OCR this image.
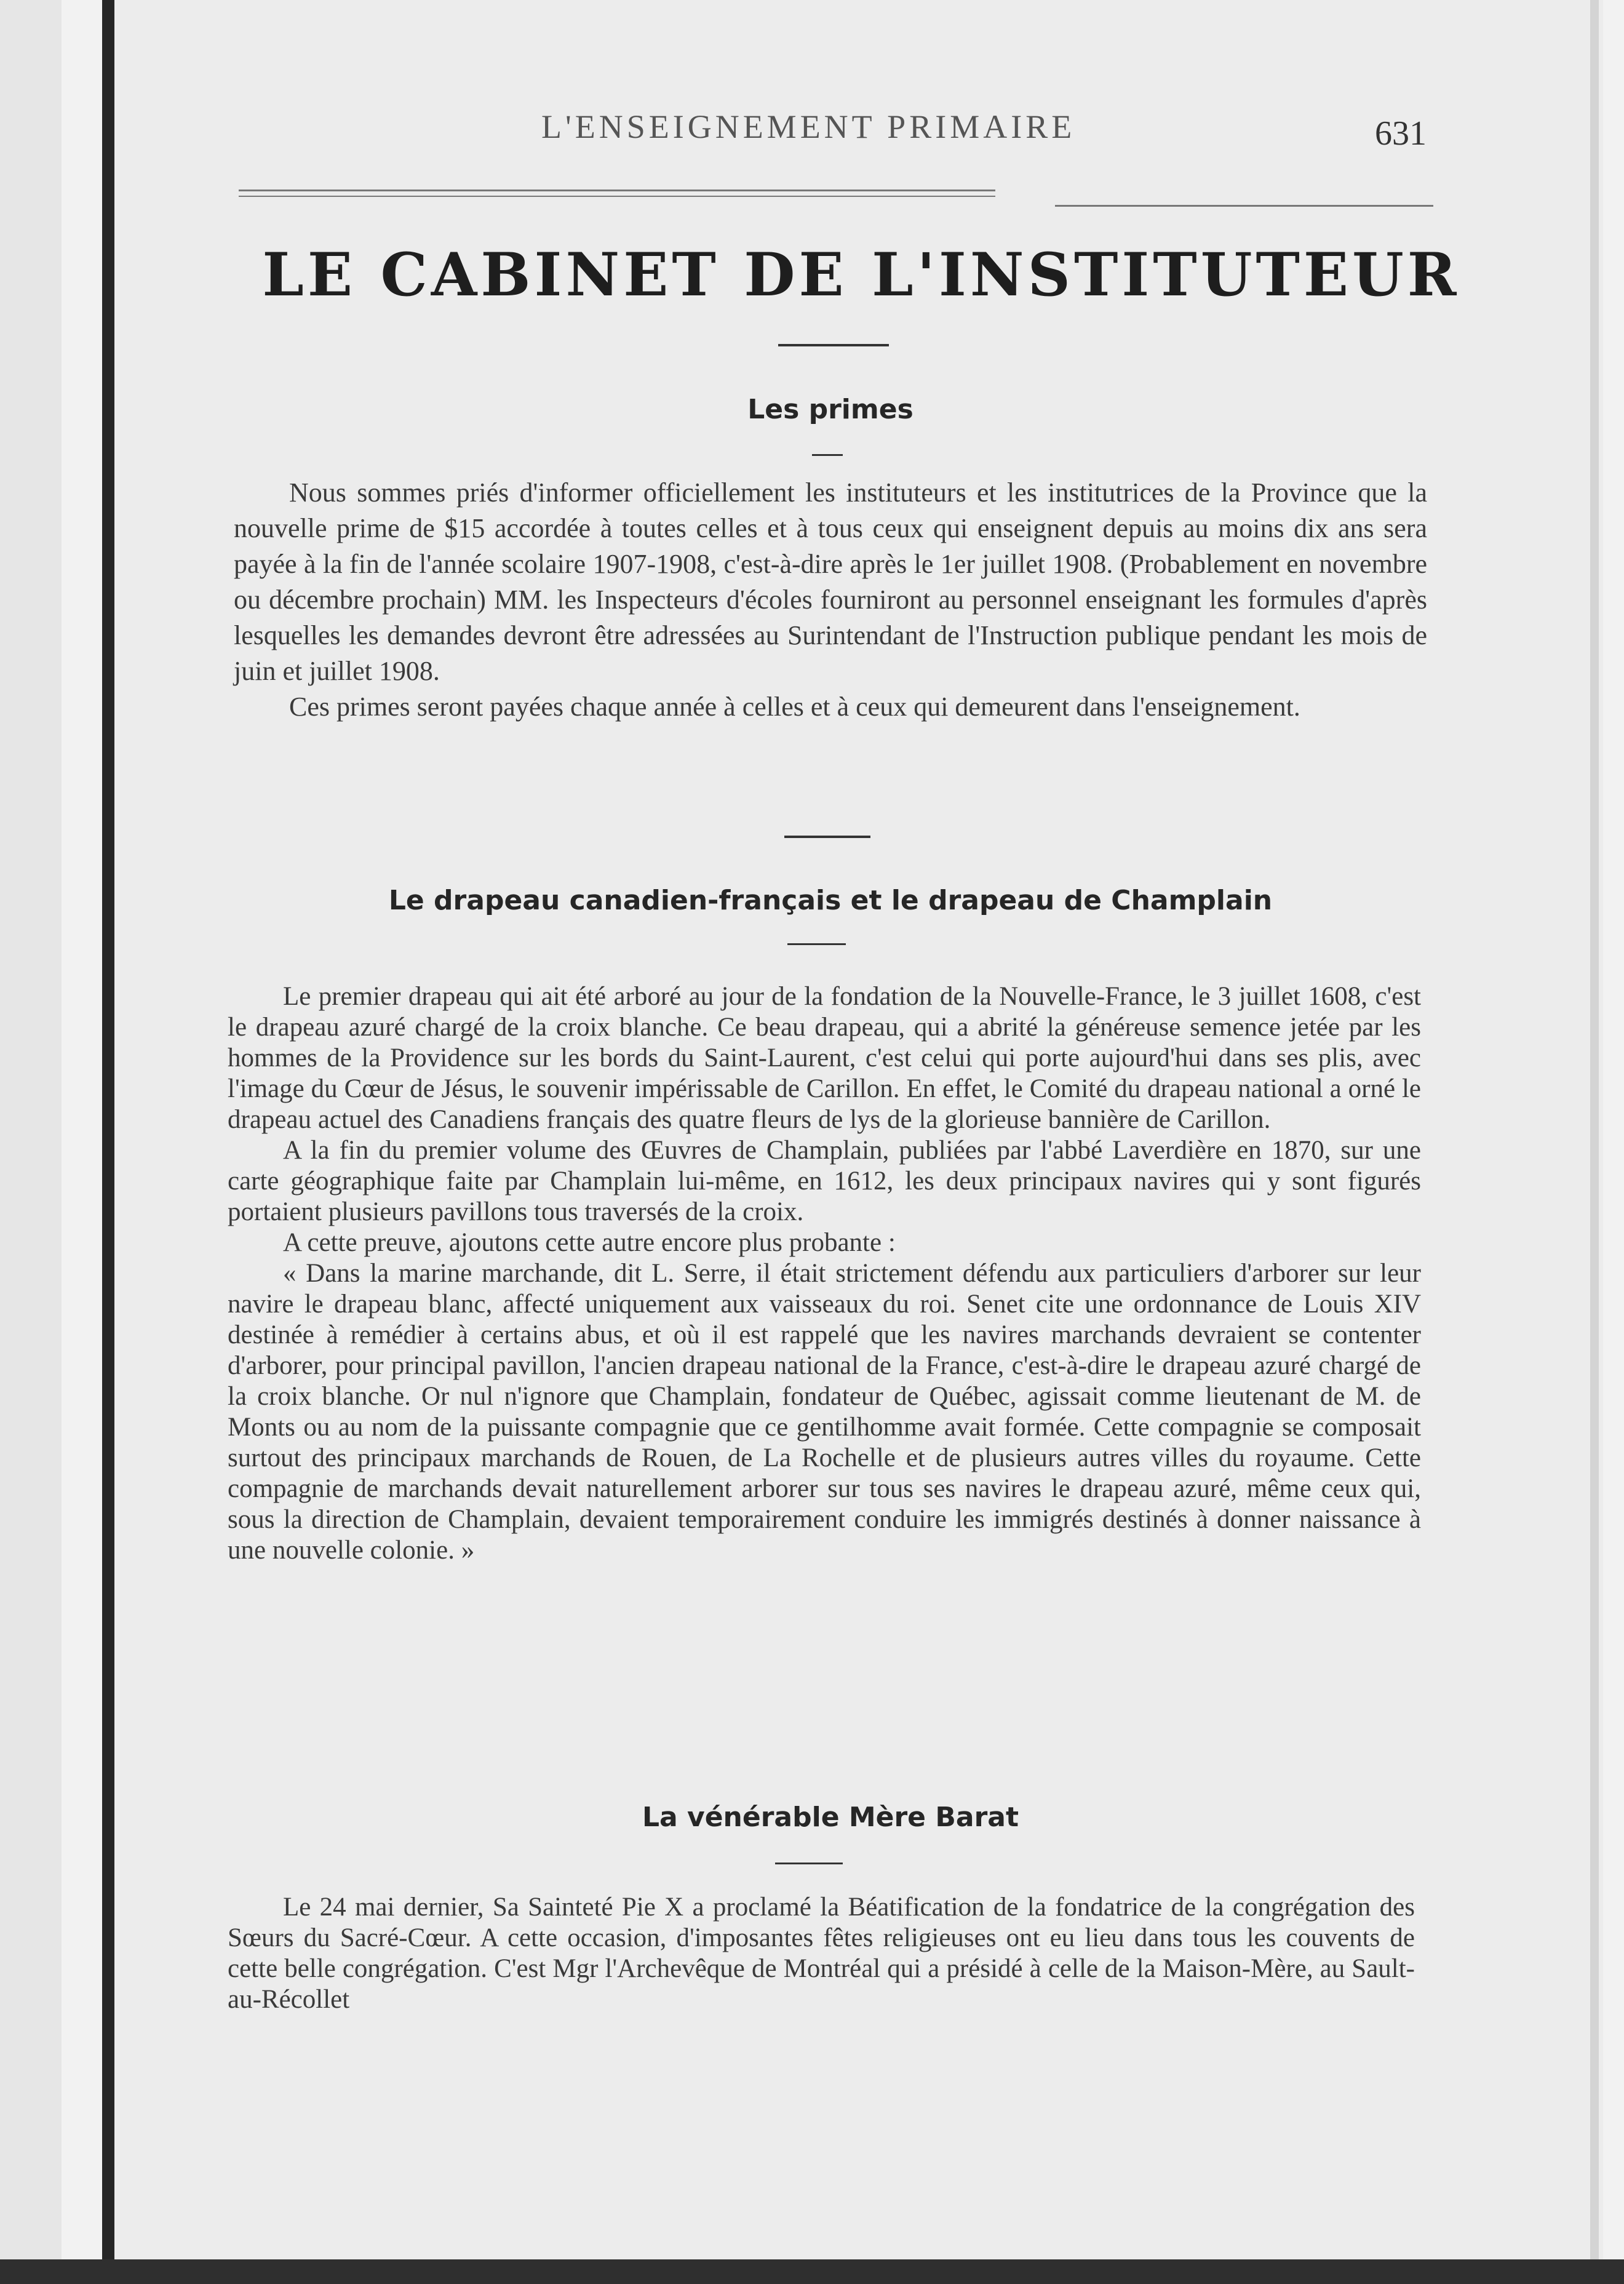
L'ENSEIGNEMENT PRIMAIRE	631
LE CABINET DE L'INSTITUTEUR
Les primes

Nous sommes priés d'informer officiellement les instituteurs et les institutrices de la Province que la nouvelle prime de $15 accordée à toutes celles et à tous ceux qui enseignent depuis au moins dix ans sera payée à la fin de l'année scolaire 1907-1908, c'est-à-dire après le 1er juillet 1908. (Probablement en novembre ou décembre prochain) MM. les Inspecteurs d'écoles fourniront au personnel enseignant les formules d'après lesquelles les demandes devront être adressées au Surintendant de l'Instruction publique pendant les mois de juin et juillet 1908.

Ces primes seront payées chaque année à celles et à ceux qui demeurent dans l'enseignement.

Le drapeau canadien-français et le drapeau de Champlain

Le premier drapeau qui ait été arboré au jour de la fondation de la Nouvelle-France, le 3 juillet 1608, c'est le drapeau azuré chargé de la croix blanche. Ce beau drapeau, qui a abrité la généreuse semence jetée par les hommes de la Providence sur les bords du Saint-Laurent, c'est celui qui porte aujourd'hui dans ses plis, avec l'image du Cœur de Jésus, le souvenir impérissable de Carillon. En effet, le Comité du drapeau national a orné le drapeau actuel des Canadiens français des quatre fleurs de lys de la glorieuse bannière de Carillon.

A la fin du premier volume des Œuvres de Champlain, publiées par l'abbé Laverdière en 1870, sur une carte géographique faite par Champlain lui-même, en 1612, les deux principaux navires qui y sont figurés portaient plusieurs pavillons tous traversés de la croix.

A cette preuve, ajoutons cette autre encore plus probante :

« Dans la marine marchande, dit L. Serre, il était strictement défendu aux particuliers d'arborer sur leur navire le drapeau blanc, affecté uniquement aux vaisseaux du roi. Senet cite une ordonnance de Louis XIV destinée à remédier à certains abus, et où il est rappelé que les navires marchands devraient se contenter d'arborer, pour principal pavillon, l'ancien drapeau national de la France, c'est-à-dire le drapeau azuré chargé de la croix blanche. Or nul n'ignore que Champlain, fondateur de Québec, agissait comme lieutenant de M. de Monts ou au nom de la puissante compagnie que ce gentilhomme avait formée. Cette compagnie se composait surtout des principaux marchands de Rouen, de La Rochelle et de plusieurs autres villes du royaume. Cette compagnie de marchands devait naturellement arborer sur tous ses navires le drapeau azuré, même ceux qui, sous la direction de Champlain, devaient temporairement conduire les immigrés destinés à donner naissance à une nouvelle colonie. »

La vénérable Mère Barat

Le 24 mai dernier, Sa Sainteté Pie X a proclamé la Béatification de la fondatrice de la congrégation des Sœurs du Sacré-Cœur. A cette occasion, d'imposantes fêtes religieuses ont eu lieu dans tous les couvents de cette belle congrégation. C'est Mgr l'Archevêque de Montréal qui a présidé à celle de la Maison-Mère, au Sault-au-Récollet
